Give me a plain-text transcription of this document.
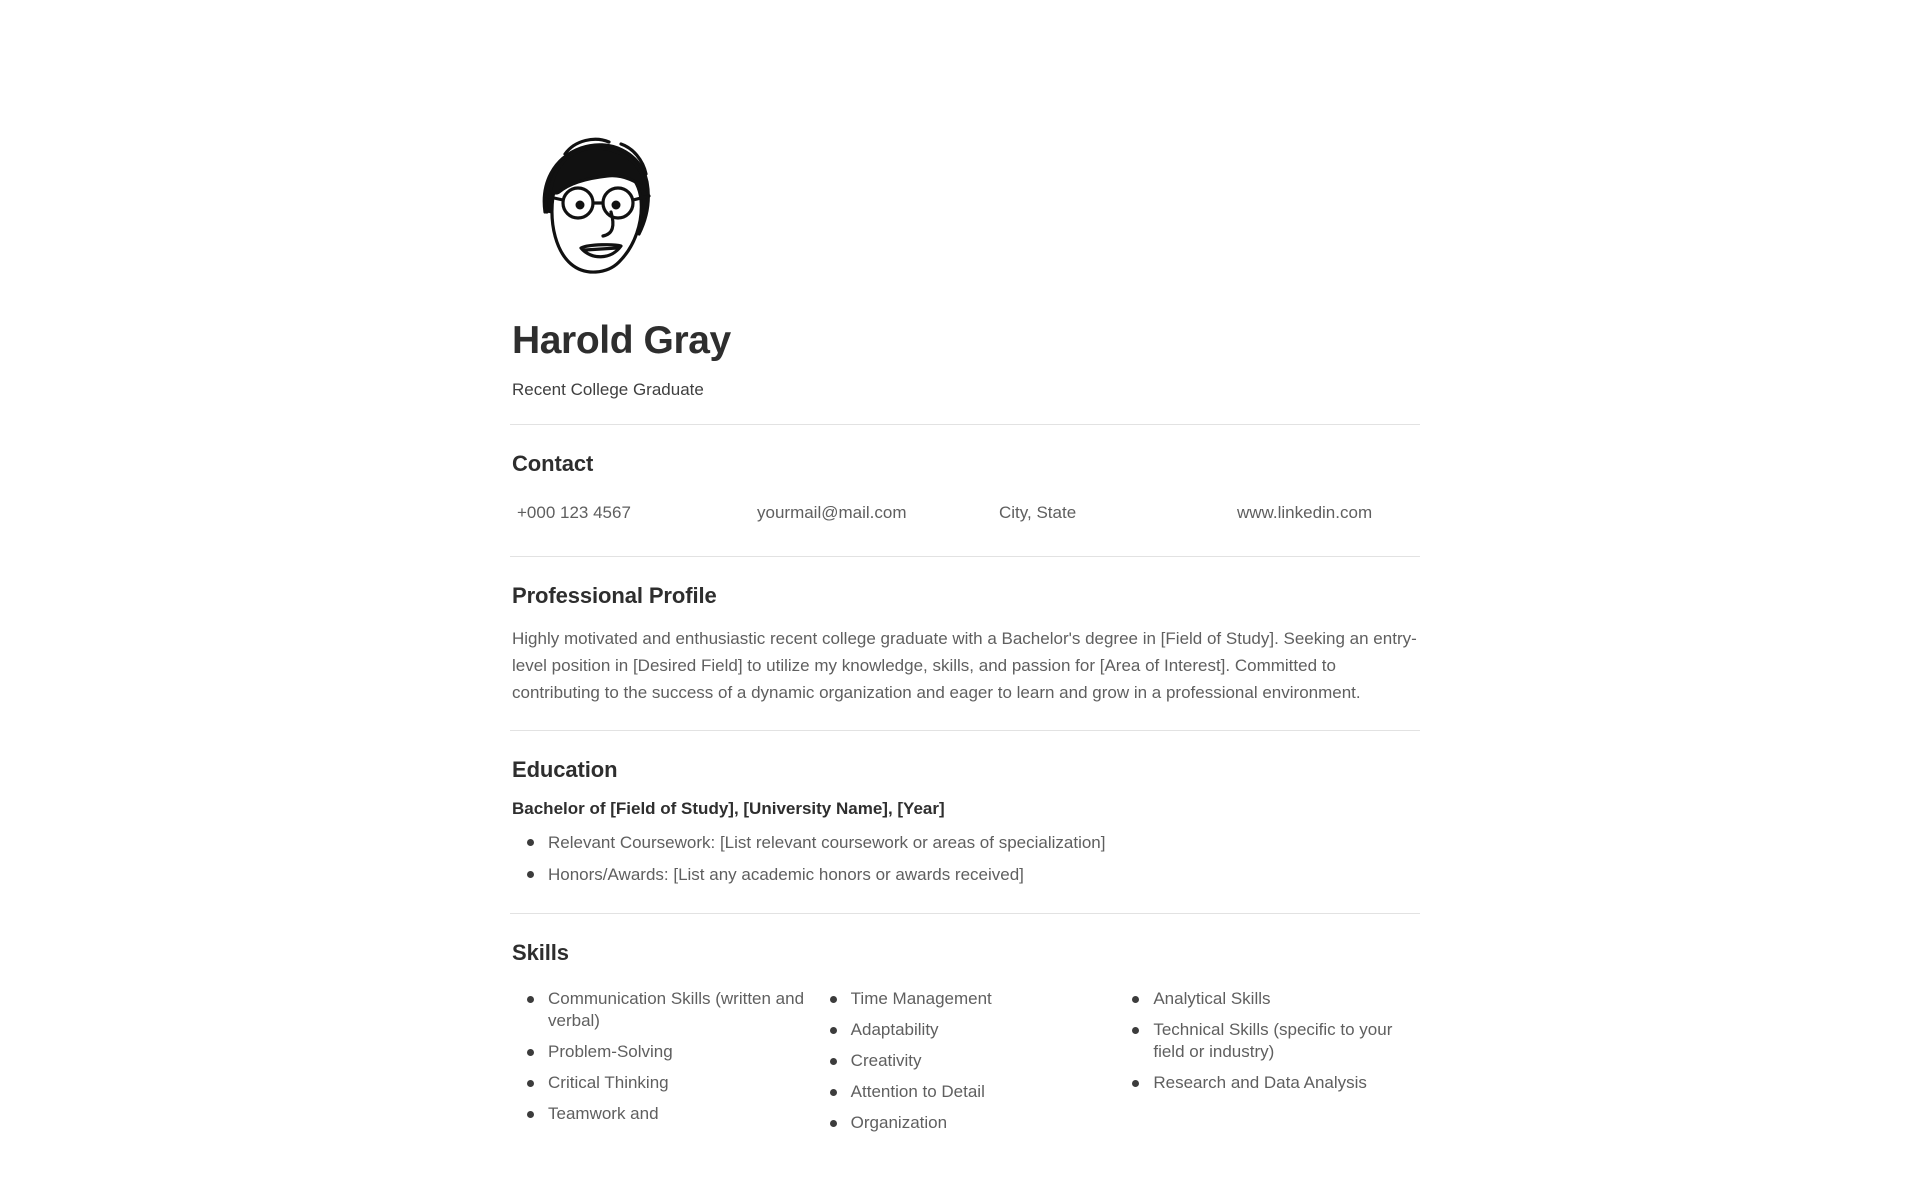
Harold Gray
Recent College Graduate
Contact
+000 123 4567	yourmail@mail.com	City, State	www.linkedin.com
Professional Profile
Highly motivated and enthusiastic recent college graduate with a Bachelor's degree in [Field of Study]. Seeking an entry-level position in [Desired Field] to utilize my knowledge, skills, and passion for [Area of Interest]. Committed to contributing to the success of a dynamic organization and eager to learn and grow in a professional environment.
Education
Bachelor of [Field of Study], [University Name], [Year]
Relevant Coursework: [List relevant coursework or areas of specialization]
Honors/Awards: [List any academic honors or awards received]
Skills
Communication Skills (written and verbal)
Problem-Solving
Critical Thinking
Teamwork and
Time Management
Adaptability
Creativity
Attention to Detail
Organization
Analytical Skills
Technical Skills (specific to your field or industry)
Research and Data Analysis
